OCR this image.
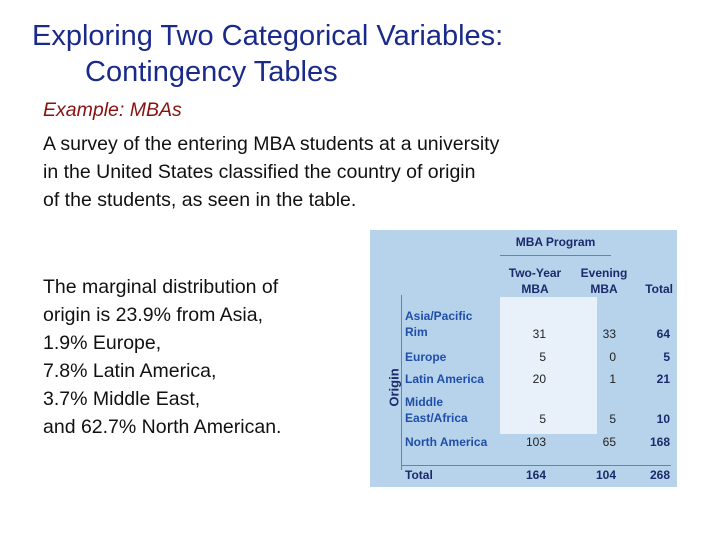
Exploring Two Categorical Variables:
Contingency Tables
Example: MBAs
A survey of the entering MBA students at a university
in the United States classified the country of origin
of the students, as seen in the table.
The marginal distribution of
origin is 23.9% from Asia,
1.9% Europe,
7.8% Latin America,
3.7% Middle East,
and 62.7% North American.
MBA Program
Two-Year
MBA
Evening
MBA	Total
Origin
Asia/Pacific
Rim	31	33	64
Europe	5	0	5
Latin America	20	1	21
Middle
East/Africa	5	5	10
North America	103	65	168
Total	164	104	268
